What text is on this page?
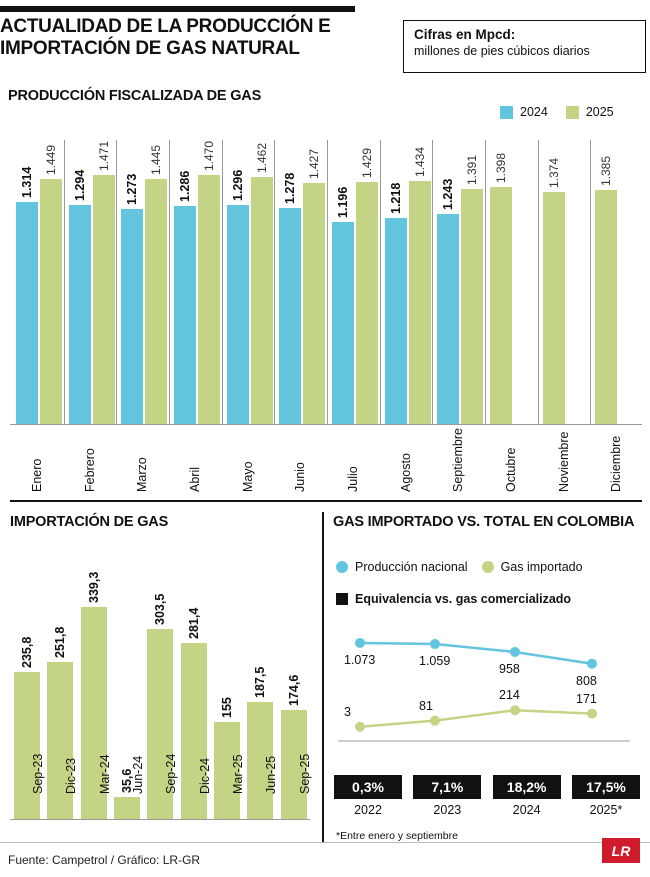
ACTUALIDAD DE LA PRODUCCIÓN E IMPORTACIÓN DE GAS NATURAL
Cifras en Mpcd:
millones de pies cúbicos diarios
PRODUCCIÓN FISCALIZADA DE GAS
2024	2025
1.314
1.449
1.294
1.471
1.273
1.445
1.286
1.470
1.296
1.462
1.278
1.427
1.196
1.429
1.218
1.434
1.243
1.391 1.398	1.374	1.385
Enero	Febrero	Marzo	Abril	Mayo	Junio	Julio	Agosto	Septiembre	Octubre	Noviembre	Diciembre
IMPORTACIÓN DE GAS
235,8 251,8
339,3
35,6
303,5 281,4
155
187,5 174,6
Sep-23 Dic-23 Mar-24 Jun-24 Sep-24 Dic-24 Mar-25 Jun-25 Sep-25
GAS IMPORTADO VS. TOTAL EN COLOMBIA
Producción nacional	Gas importado
Equivalencia vs. gas comercializado
1.073	1.059
958
808
3	81
214	171
0,3%
2022
7,1%
2023
18,2%
2024
17,5%
2025*
*Entre enero y septiembre
Fuente: Campetrol / Gráfico: LR-GR
LR
